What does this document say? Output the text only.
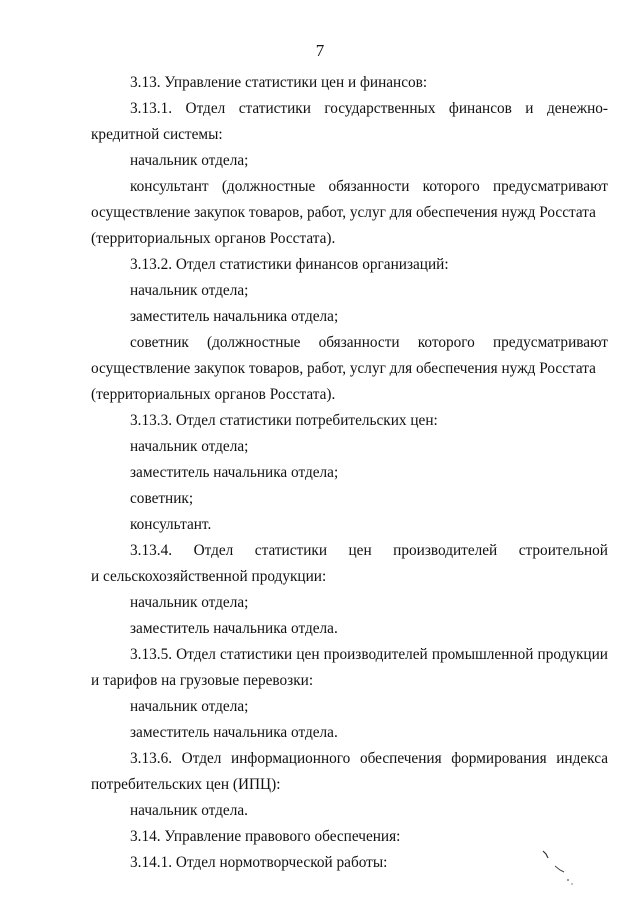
7
3.13. Управление статистики цен и финансов:
3.13.1. Отдел статистики государственных финансов и денежно-
кредитной системы:
начальник отдела;
консультант (должностные обязанности которого предусматривают
осуществление закупок товаров, работ, услуг для обеспечения нужд Росстата
(территориальных органов Росстата).
3.13.2. Отдел статистики финансов организаций:
начальник отдела;
заместитель начальника отдела;
советник (должностные обязанности которого предусматривают
осуществление закупок товаров, работ, услуг для обеспечения нужд Росстата
(территориальных органов Росстата).
3.13.3. Отдел статистики потребительских цен:
начальник отдела;
заместитель начальника отдела;
советник;
консультант.
3.13.4. Отдел статистики цен производителей строительной
и сельскохозяйственной продукции:
начальник отдела;
заместитель начальника отдела.
3.13.5. Отдел статистики цен производителей промышленной продукции
и тарифов на грузовые перевозки:
начальник отдела;
заместитель начальника отдела.
3.13.6. Отдел информационного обеспечения формирования индекса
потребительских цен (ИПЦ):
начальник отдела.
3.14. Управление правового обеспечения:
3.14.1. Отдел нормотворческой работы:
